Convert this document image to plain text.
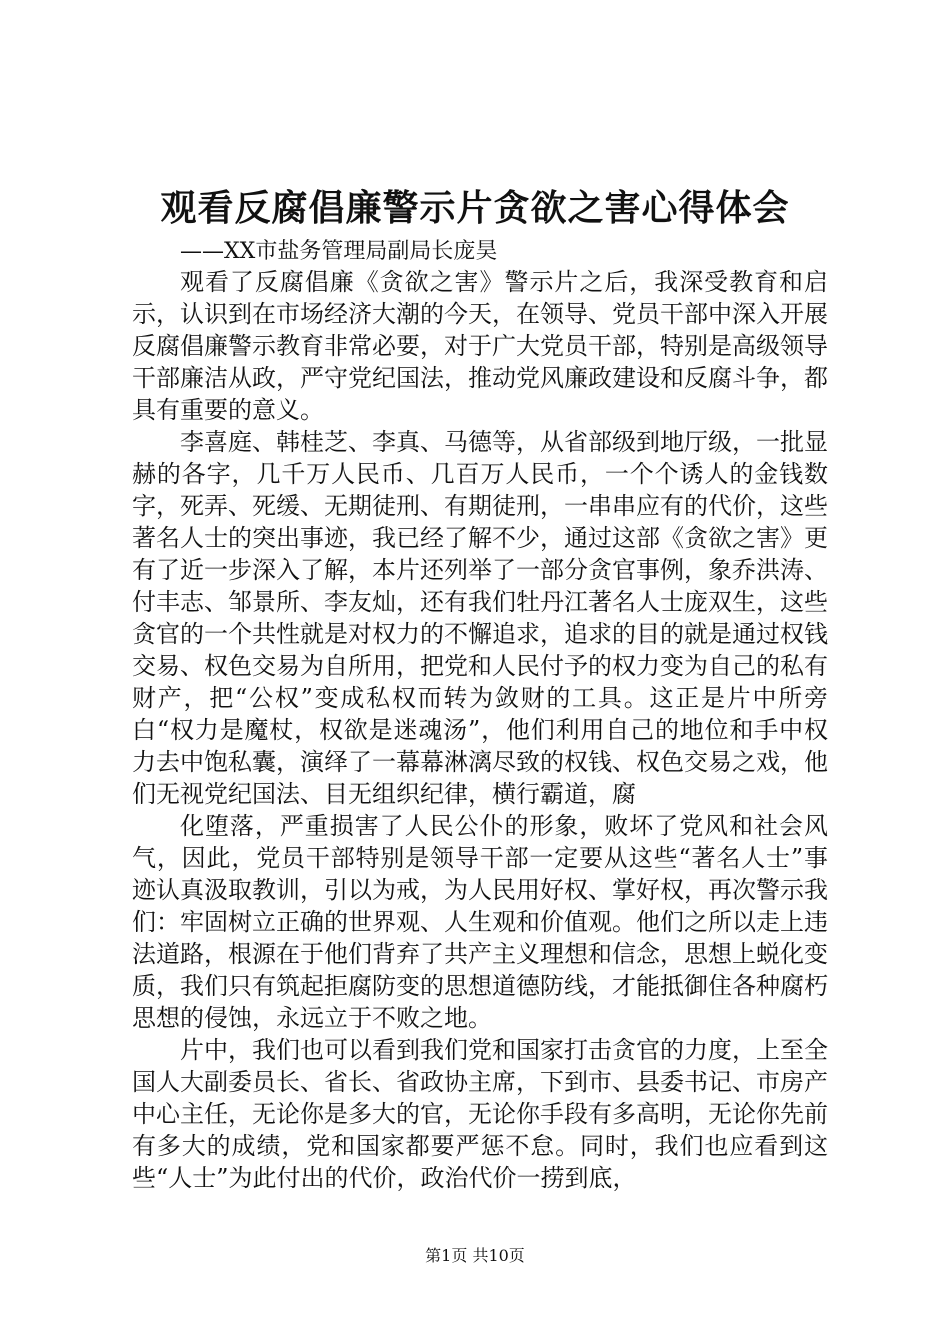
观看反腐倡廉警示片贪欲之害心得体会
——XX市盐务管理局副局长庞昊

观看了反腐倡廉《贪欲之害》警示片之后，我深受教育和启示，认识到在市场经济大潮的今天，在领导、党员干部中深入开展反腐倡廉警示教育非常必要，对于广大党员干部，特别是高级领导干部廉洁从政，严守党纪国法，推动党风廉政建设和反腐斗争，都具有重要的意义。

李喜庭、韩桂芝、李真、马德等，从省部级到地厅级，一批显赫的各字，几千万人民币、几百万人民币，一个个诱人的金钱数字，死弄、死缓、无期徒刑、有期徒刑，一串串应有的代价，这些著名人士的突出事迹，我已经了解不少，通过这部《贪欲之害》更有了近一步深入了解，本片还列举了一部分贪官事例，象乔洪涛、付丰志、邹景所、李友灿，还有我们牡丹江著名人士庞双生，这些贪官的一个共性就是对权力的不懈追求，追求的目的就是通过权钱交易、权色交易为自所用，把党和人民付予的权力变为自己的私有财产，把“公权”变成私权而转为敛财的工具。这正是片中所旁白“权力是魔杖，权欲是迷魂汤”，他们利用自己的地位和手中权力去中饱私囊，演绎了一幕幕淋漓尽致的权钱、权色交易之戏，他们无视党纪国法、目无组织纪律，横行霸道，腐

化堕落，严重损害了人民公仆的形象，败坏了党风和社会风气，因此，党员干部特别是领导干部一定要从这些“著名人士”事迹认真汲取教训，引以为戒，为人民用好权、掌好权，再次警示我们：牢固树立正确的世界观、人生观和价值观。他们之所以走上违法道路，根源在于他们背弃了共产主义理想和信念，思想上蜕化变质，我们只有筑起拒腐防变的思想道德防线，才能抵御住各种腐朽思想的侵蚀，永远立于不败之地。

片中，我们也可以看到我们党和国家打击贪官的力度，上至全国人大副委员长、省长、省政协主席，下到市、县委书记、市房产中心主任，无论你是多大的官，无论你手段有多高明，无论你先前有多大的成绩，党和国家都要严惩不怠。同时，我们也应看到这些“人士”为此付出的代价，政治代价一捞到底，

第1页 共10页
